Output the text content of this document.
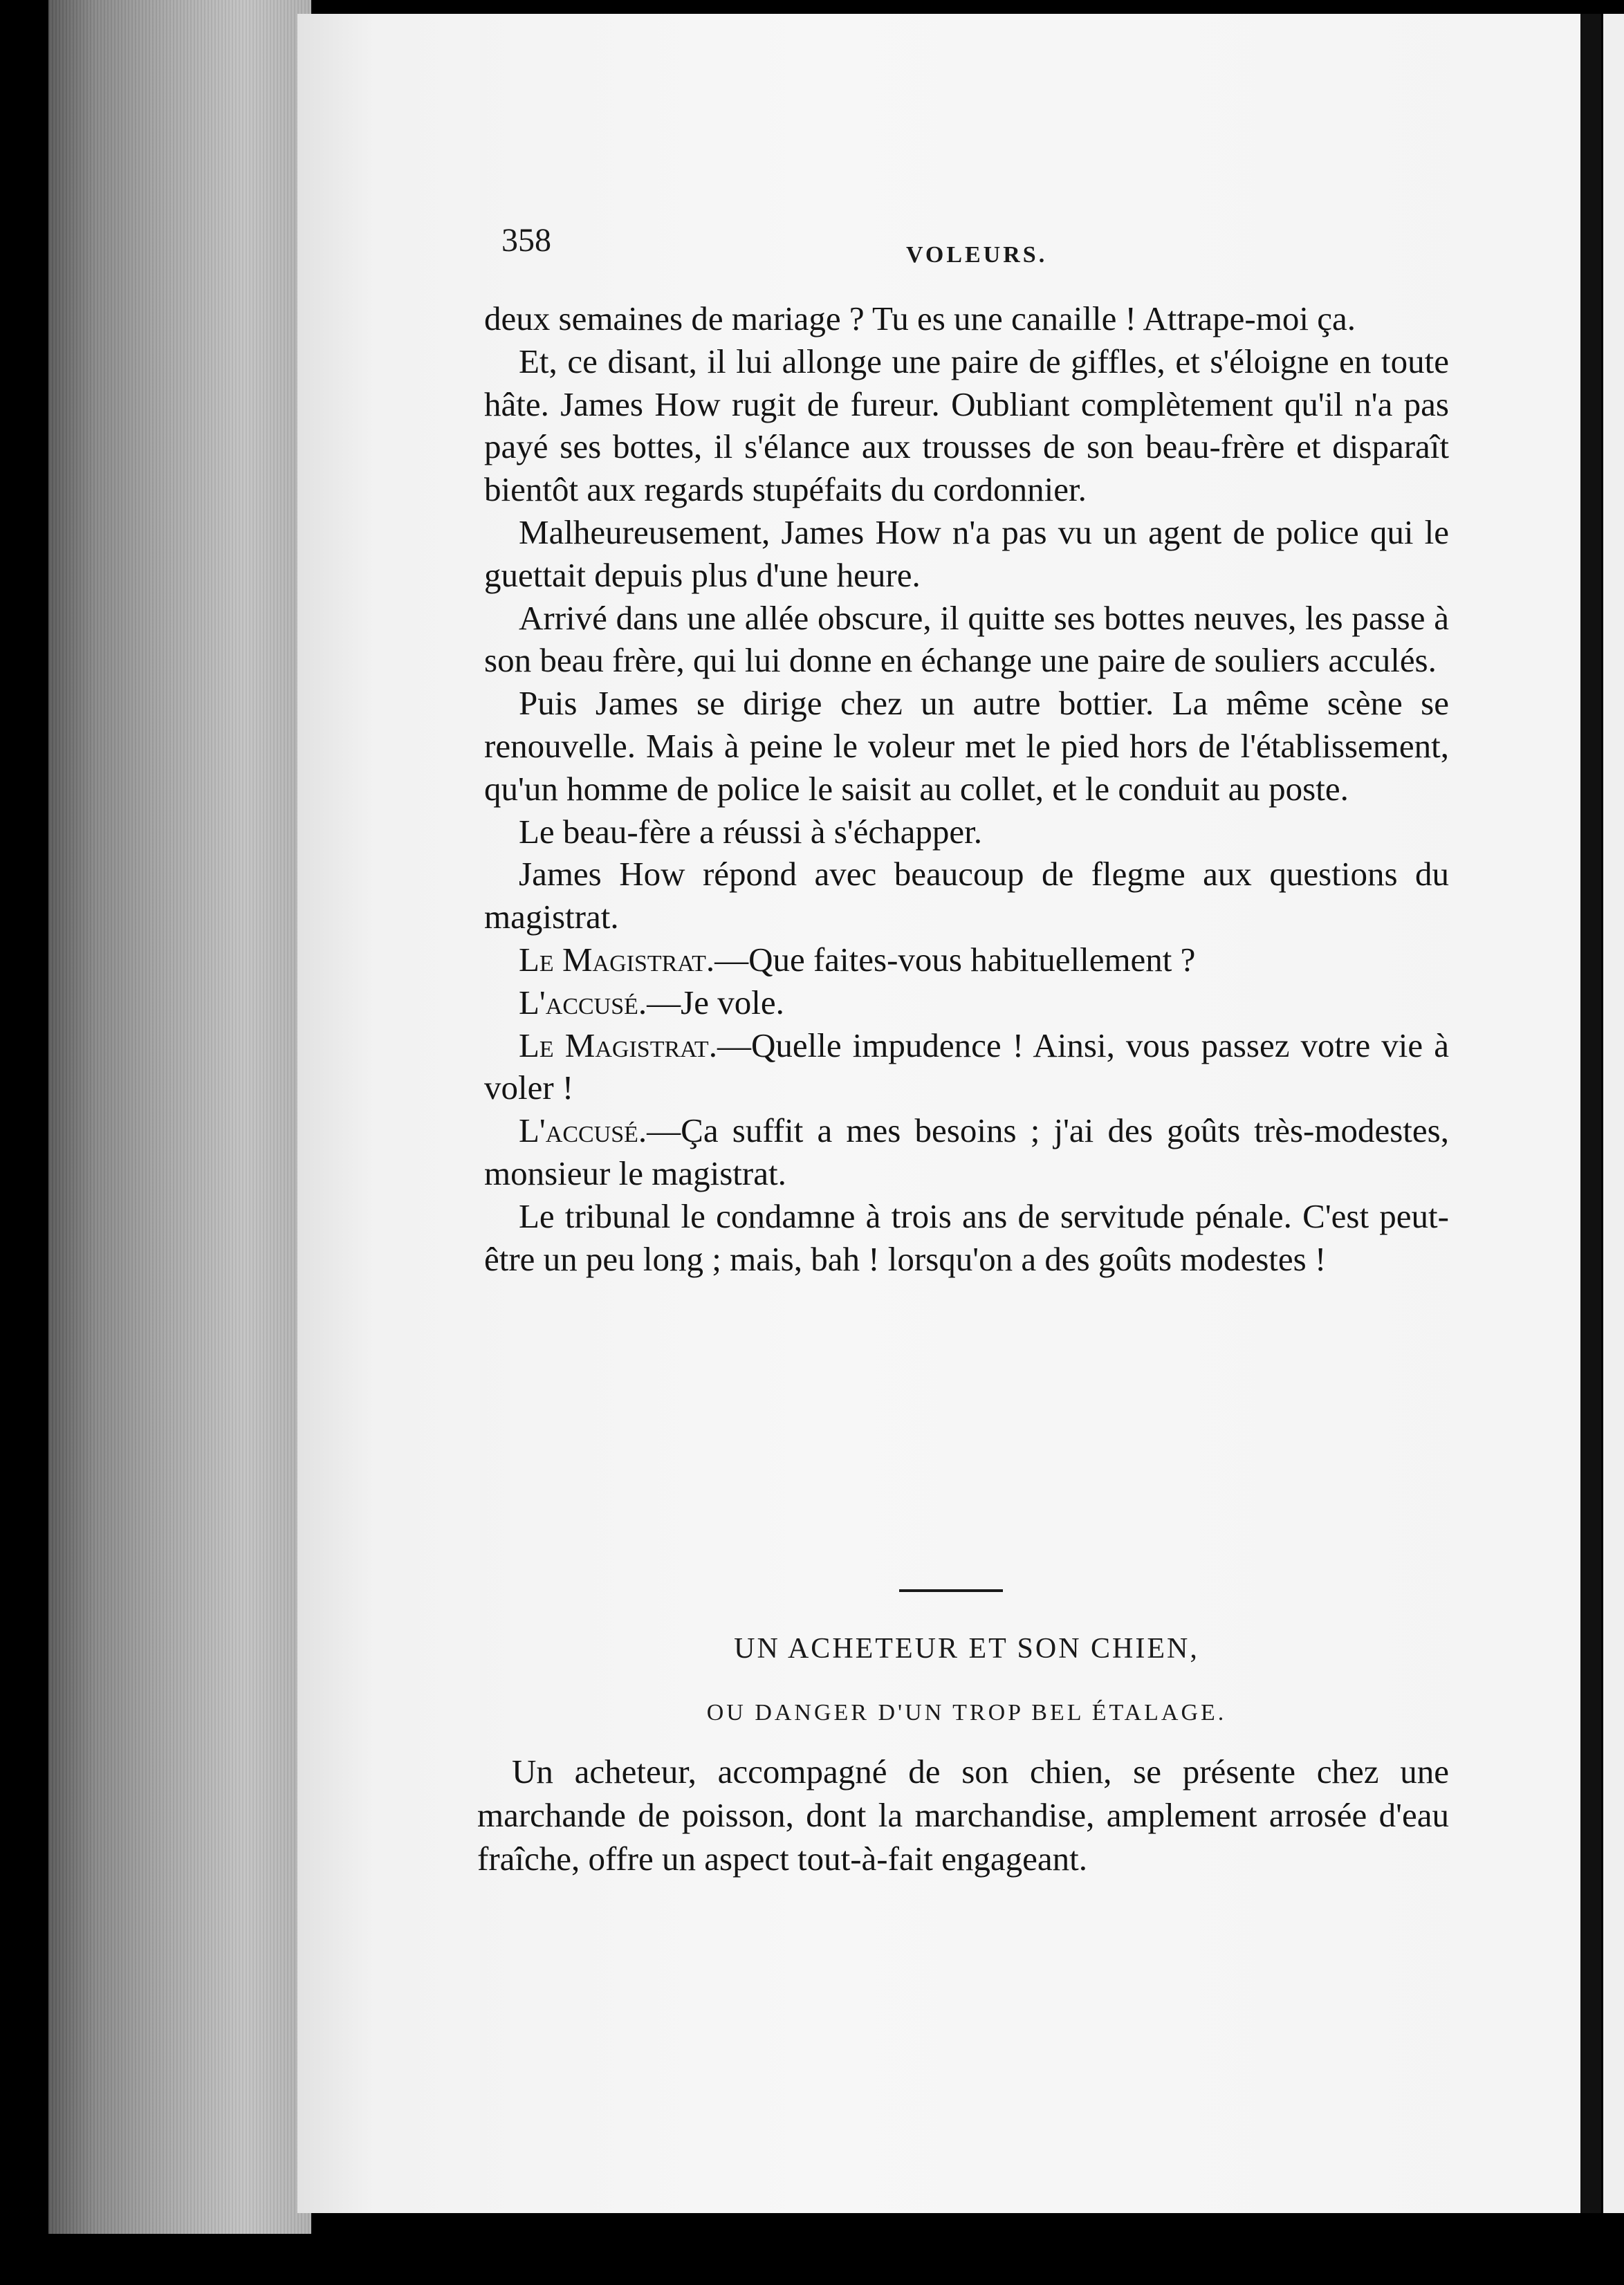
358	VOLEURS.

deux semaines de mariage ? Tu es une canaille ! Attrape-moi ça.

Et, ce disant, il lui allonge une paire de giffles, et s'éloigne en toute hâte. James How rugit de fureur. Oubliant complètement qu'il n'a pas payé ses bottes, il s'élance aux trousses de son beau-frère et disparaît bientôt aux regards stupéfaits du cordonnier.

Malheureusement, James How n'a pas vu un agent de police qui le guettait depuis plus d'une heure.

Arrivé dans une allée obscure, il quitte ses bottes neuves, les passe à son beau frère, qui lui donne en échange une paire de souliers acculés.

Puis James se dirige chez un autre bottier. La même scène se renouvelle. Mais à peine le voleur met le pied hors de l'établissement, qu'un homme de police le saisit au collet, et le conduit au poste.

Le beau-fère a réussi à s'échapper.

James How répond avec beaucoup de flegme aux questions du magistrat.

Le Magistrat.—Que faites-vous habituellement ?

L'accusé.—Je vole.

Le Magistrat.—Quelle impudence ! Ainsi, vous passez votre vie à voler !

L'accusé.—Ça suffit a mes besoins ; j'ai des goûts très-modestes, monsieur le magistrat.

Le tribunal le condamne à trois ans de servitude pénale. C'est peut-être un peu long ; mais, bah ! lorsqu'on a des goûts modestes !

UN ACHETEUR ET SON CHIEN,
OU DANGER D'UN TROP BEL ÉTALAGE.

Un acheteur, accompagné de son chien, se présente chez une marchande de poisson, dont la marchandise, amplement arrosée d'eau fraîche, offre un aspect tout-à-fait engageant.
